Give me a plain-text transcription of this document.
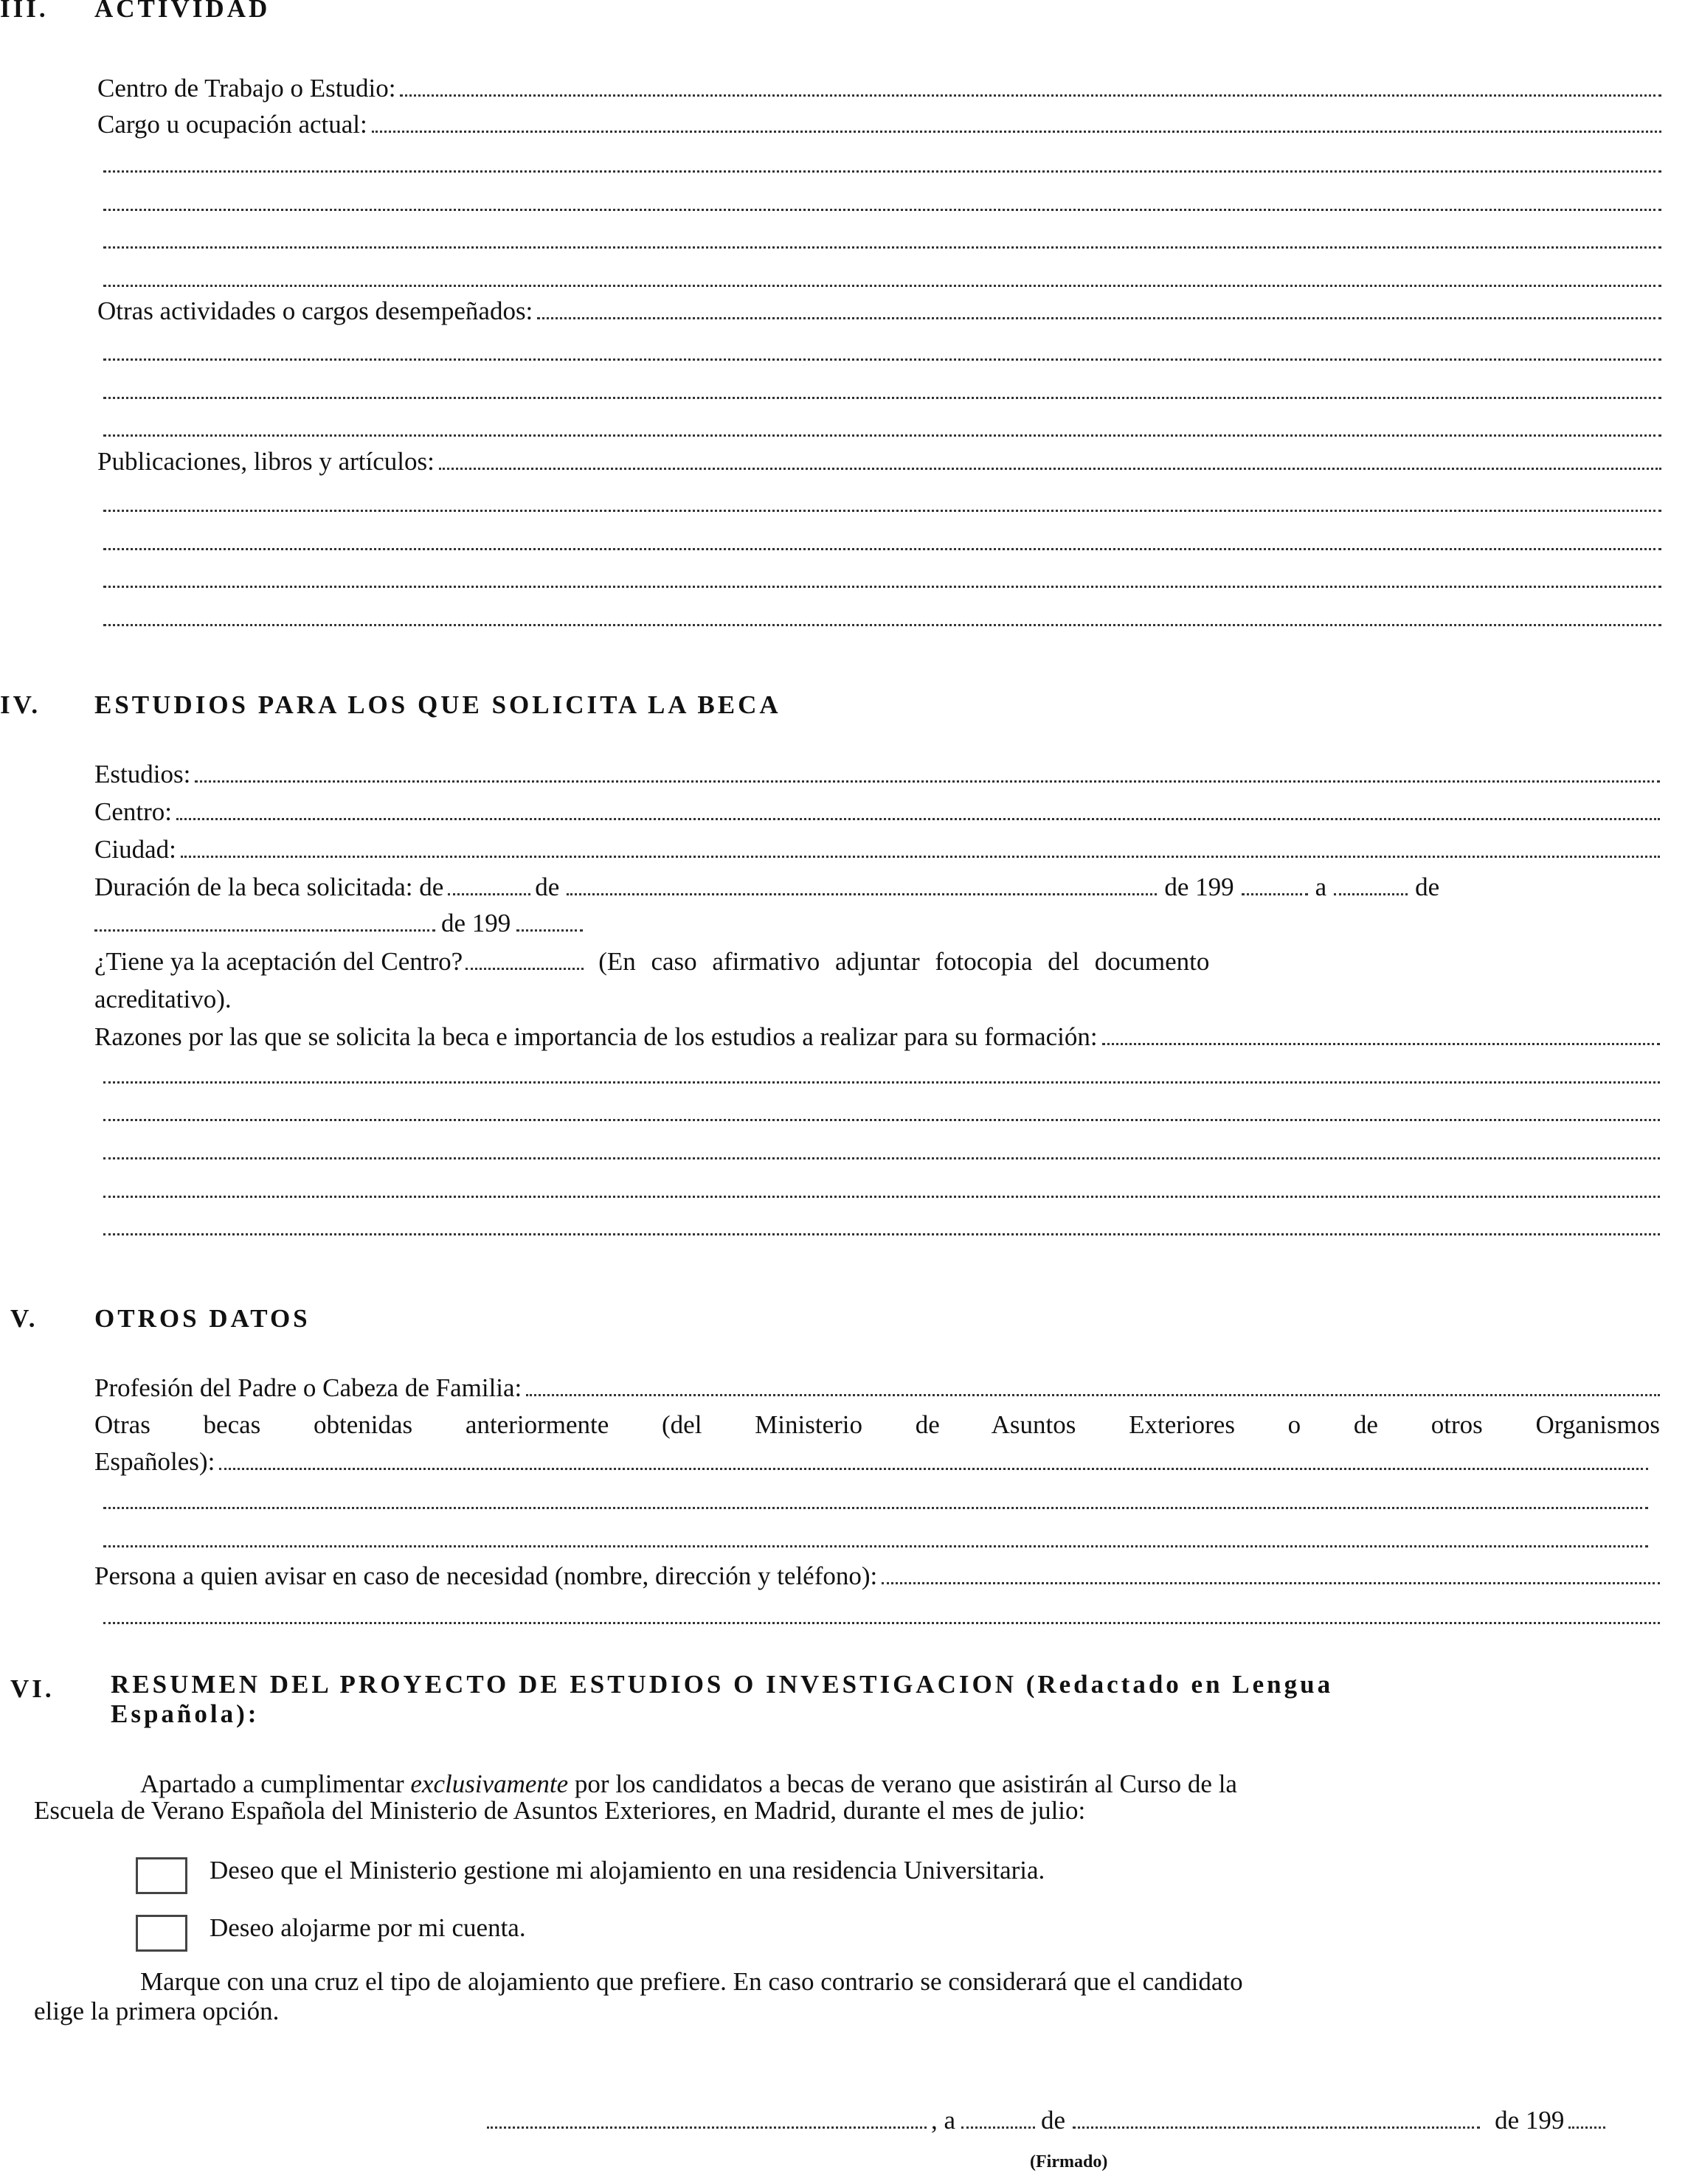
III. ACTIVIDAD
Centro de Trabajo o Estudio:
Cargo u ocupación actual:
Otras actividades o cargos desempeñados:
Publicaciones, libros y artículos:
IV. ESTUDIOS PARA LOS QUE SOLICITA LA BECA
Estudios:
Centro:
Ciudad:
Duración de la beca solicitada: de	de	de 199	a	de
de 199
¿Tiene ya la aceptación del Centro?	(En caso afirmativo adjuntar fotocopia del documento
acreditativo).
Razones por las que se solicita la beca e importancia de los estudios a realizar para su formación:
V. OTROS DATOS
Profesión del Padre o Cabeza de Familia:
Otras becas obtenidas anteriormente (del Ministerio de Asuntos Exteriores o de otros Organismos
Españoles):
Persona a quien avisar en caso de necesidad (nombre, dirección y teléfono):
VI. RESUMEN DEL PROYECTO DE ESTUDIOS O INVESTIGACION (Redactado en Lengua
Española):
Apartado a cumplimentar exclusivamente por los candidatos a becas de verano que asistirán al Curso de la
Escuela de Verano Española del Ministerio de Asuntos Exteriores, en Madrid, durante el mes de julio:
Deseo que el Ministerio gestione mi alojamiento en una residencia Universitaria.
Deseo alojarme por mi cuenta.
Marque con una cruz el tipo de alojamiento que prefiere. En caso contrario se considerará que el candidato
elige la primera opción.
, a	de	de 199
(Firmado)
